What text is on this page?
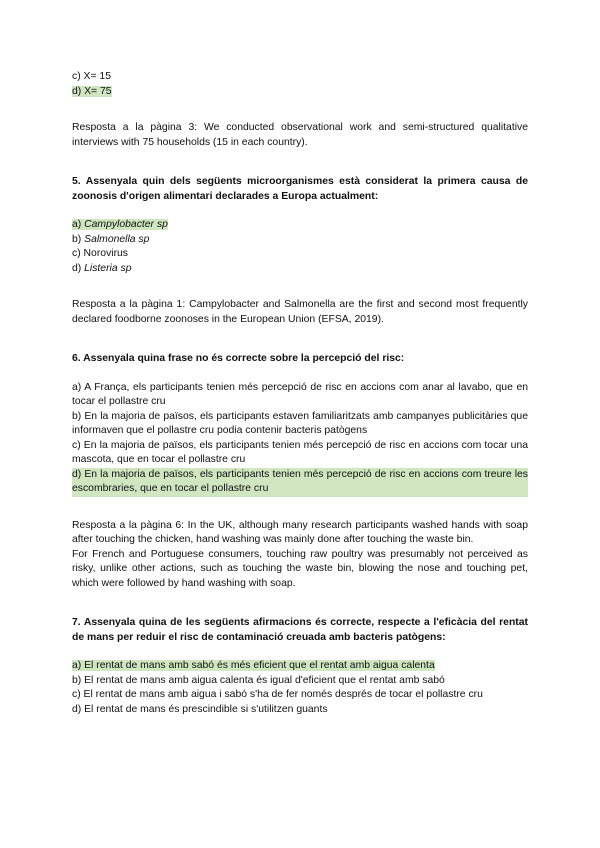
c) X= 15
d) X= 75
Resposta a la pàgina 3: We conducted observational work and semi-structured qualitative interviews with 75 households (15 in each country).
5. Assenyala quin dels següents microorganismes està considerat la primera causa de zoonosis d'origen alimentari declarades a Europa actualment:
a) Campylobacter sp
b) Salmonella sp
c) Norovirus
d) Listeria sp
Resposta a la pàgina 1: Campylobacter and Salmonella are the first and second most frequently declared foodborne zoonoses in the European Union (EFSA, 2019).
6. Assenyala quina frase no és correcte sobre la percepció del risc:
a) A França, els participants tenien més percepció de risc en accions com anar al lavabo, que en tocar el pollastre cru
b) En la majoria de països, els participants estaven familiaritzats amb campanyes publicitàries que informaven que el pollastre cru podia contenir bacteris patògens
c) En la majoria de països, els participants tenien més percepció de risc en accions com tocar una mascota, que en tocar el pollastre cru
d) En la majoria de països, els participants tenien més percepció de risc en accions com treure les escombraries, que en tocar el pollastre cru
Resposta a la pàgina 6: In the UK, although many research participants washed hands with soap after touching the chicken, hand washing was mainly done after touching the waste bin.
For French and Portuguese consumers, touching raw poultry was presumably not perceived as risky, unlike other actions, such as touching the waste bin, blowing the nose and touching pet, which were followed by hand washing with soap.
7. Assenyala quina de les següents afirmacions és correcte, respecte a l'eficàcia del rentat de mans per reduir el risc de contaminació creuada amb bacteris patògens:
a) El rentat de mans amb sabó és més eficient que el rentat amb aigua calenta
b) El rentat de mans amb aigua calenta és igual d'eficient que el rentat amb sabó
c) El rentat de mans amb aigua i sabó s'ha de fer només després de tocar el pollastre cru
d) El rentat de mans és prescindible si s'utilitzen guants
